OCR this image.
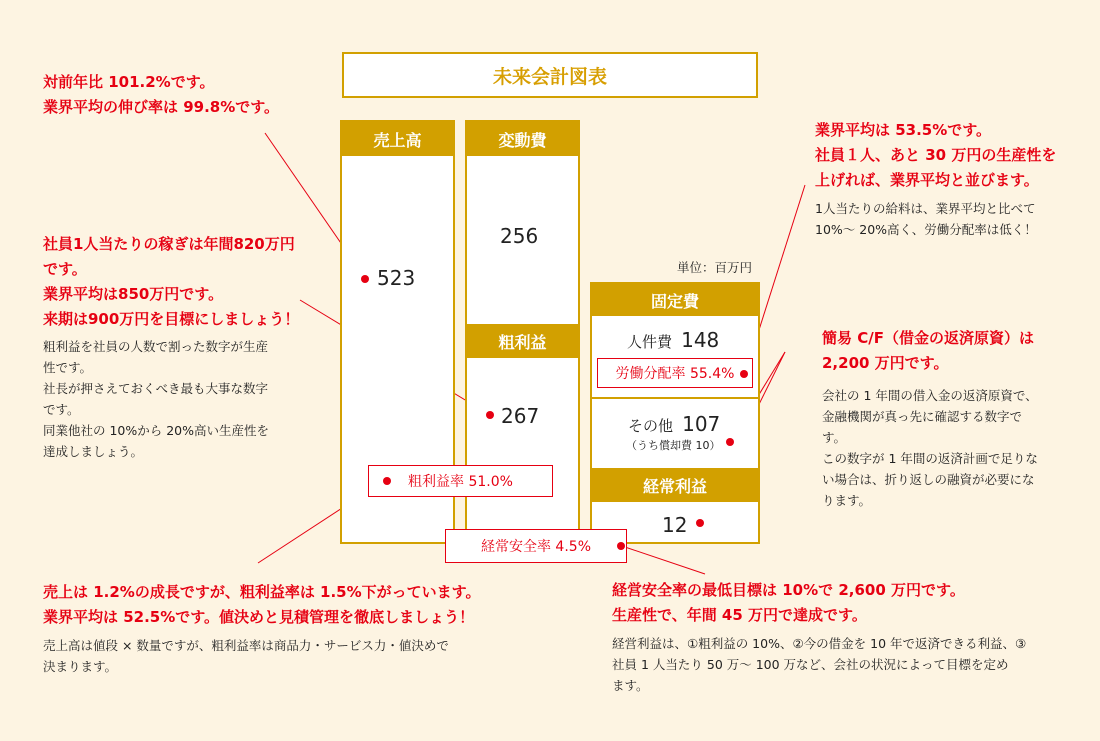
未来会計図表
売上高
523
変動費
粗利益
256
267
単位：百万円
固定費
経常利益
人件費 148
労働分配率 55.4%
その他 107
（うち償却費 10）
12
粗利益率 51.0%
経常安全率 4.5%
対前年比 101.2%です。
業界平均の伸び率は 99.8%です。
社員1人当たりの稼ぎは年間820万円
です。
業界平均は850万円です。
来期は900万円を目標にしましょう！
粗利益を社員の人数で割った数字が生産
性です。
社長が押さえておくべき最も大事な数字
です。
同業他社の 10%から 20%高い生産性を
達成しましょう。
業界平均は 53.5%です。
社員１人、あと 30 万円の生産性を
上げれば、業界平均と並びます。
1人当たりの給料は、業界平均と比べて
10%〜 20%高く、労働分配率は低く！
簡易 C/F（借金の返済原資）は
2,200 万円です。
会社の 1 年間の借入金の返済原資で、
金融機関が真っ先に確認する数字で
す。
この数字が 1 年間の返済計画で足りな
い場合は、折り返しの融資が必要にな
ります。
売上は 1.2%の成長ですが、粗利益率は 1.5%下がっています。
業界平均は 52.5%です。値決めと見積管理を徹底しましょう！
売上高は値段 × 数量ですが、粗利益率は商品力・サービス力・値決めで
決まります。
経営安全率の最低目標は 10%で 2,600 万円です。
生産性で、年間 45 万円で達成です。
経営利益は、①粗利益の 10%、②今の借金を 10 年で返済できる利益、③
社員 1 人当たり 50 万〜 100 万など、会社の状況によって目標を定め
ます。
